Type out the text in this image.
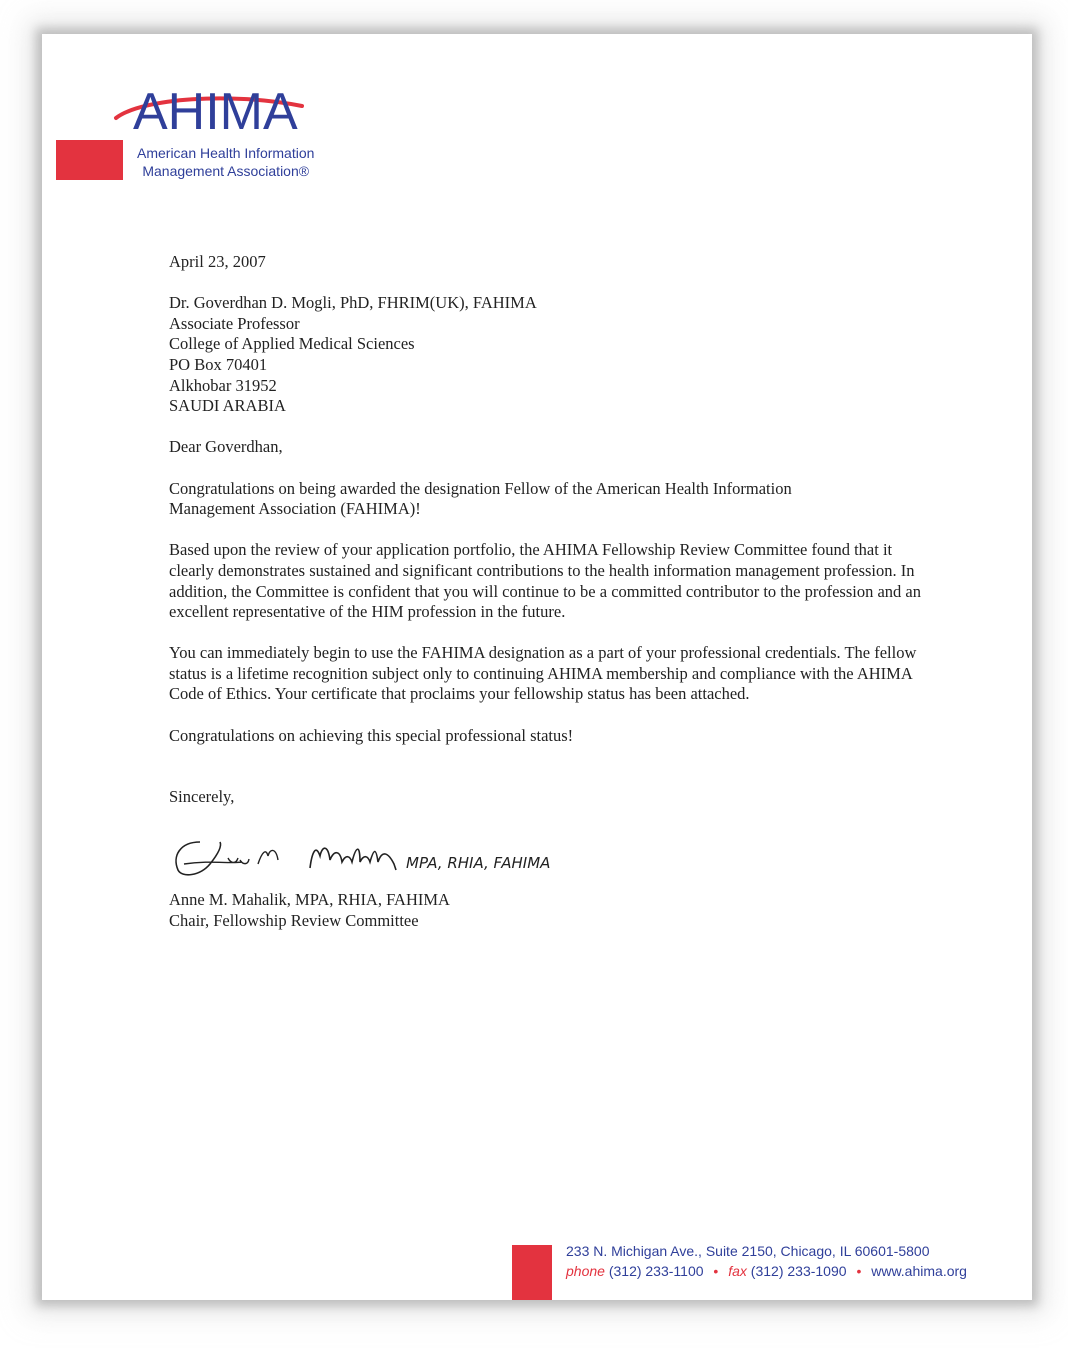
AHIMA
American Health Information
Management Association®

April 23, 2007

Dr. Goverdhan D. Mogli, PhD, FHRIM(UK), FAHIMA

Associate Professor

College of Applied Medical Sciences

PO Box 70401

Alkhobar 31952

SAUDI ARABIA

Dear Goverdhan,

Congratulations on being awarded the designation Fellow of the American Health Information Management Association (FAHIMA)!

Based upon the review of your application portfolio, the AHIMA Fellowship Review Committee found that it clearly demonstrates sustained and significant contributions to the health information management profession. In addition, the Committee is confident that you will continue to be a committed contributor to the profession and an excellent representative of the HIM profession in the future.

You can immediately begin to use the FAHIMA designation as a part of your professional credentials. The fellow status is a lifetime recognition subject only to continuing AHIMA membership and compliance with the AHIMA Code of Ethics. Your certificate that proclaims your fellowship status has been attached.

Congratulations on achieving this special professional status!

Sincerely,

MPA, RHIA, FAHIMA

Anne M. Mahalik, MPA, RHIA, FAHIMA

Chair, Fellowship Review Committee

233 N. Michigan Ave., Suite 2150, Chicago, IL 60601-5800
phone (312) 233-1100 • fax (312) 233-1090 • www.ahima.org
